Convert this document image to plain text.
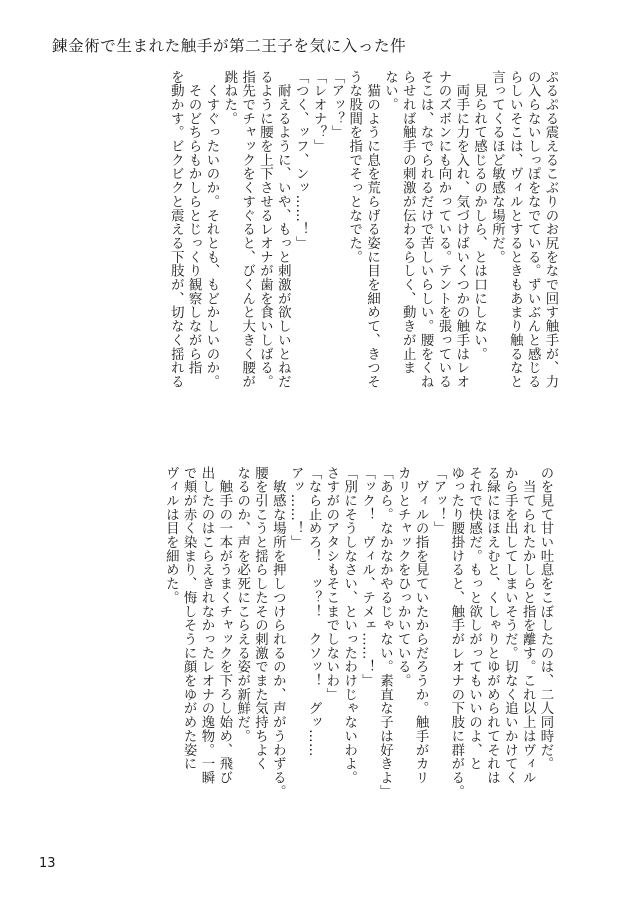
錬金術で生まれた触手が第二王子を気に入った件
ぷるぷる震えるこぶりのお尻をなで回す触手が、力
の入らないしっぽをなでている。ずいぶんと感じる
らしいそこは、ヴィルとするときもあまり触るなと
言ってくるほど敏感な場所だ。
　見られて感じるのかしら、とは口にしない。
　両手に力を入れ、気づけばいくつかの触手はレオ
ナのズボンにも向かっている。テントを張っている
そこは、なでられるだけで苦しいらしい。腰をくね
らせれば触手の刺激が伝わるらしく、動きが止ま
ない。
　猫のように息を荒らげる姿に目を細めて、きつそ
うな股間を指でそっとなでた。
「アッ？」
「レオナ？」
「つく、ッフ、ンッ……！」
　耐えるように、いや、もっと刺激が欲しいとねだ
るように腰を上下させるレオナが歯を食いしばる。
指先でチャックをくすぐると、びくんと大きく腰が
跳ねた。
　くすぐったいのか。それとも、もどかしいのか。
　そのどちらもかしらとじっくり観察しながら指
を動かす。ビクビクと震える下肢が、切なく揺れる
のを見て甘い吐息をこぼしたのは、二人同時だ。
　当てられたかしらと指を離す。これ以上はヴィル
から手を出してしまいそうだ。切なく追いかけてく
る緑にほほえむと、くしゃりとゆがめられてそれは
それで快感だ。もっと欲しがってもいいのよ、と
ゆったり腰掛けると、触手がレオナの下肢に群がる。
「アッ！」
　ヴィルの指を見ていたからだろうか。触手がカリ
カリとチャックをひっかいている。
「あら。なかなかやるじゃない。素直な子は好きよ」
「ック！　ヴィル、テメェ……！」
「別にそうしなさい、といったわけじゃないわよ。
さすがのアタシもそこまでしないわ」
「なら止めろ！　ッ？！　クソッ！　グッ……
アッ……！」
　敏感な場所を押しつけられるのか、声がうわずる。
腰を引こうと揺らしたその刺激でまた気持ちよく
なるのか、声を必死にこらえる姿が新鮮だ。
　触手の一本がうまくチャックを下ろし始め、飛び
出したのはこらえきれなかったレオナの逸物。一瞬
で頬が赤く染まり、悔しそうに顔をゆがめた姿に
ヴィルは目を細めた。
13
